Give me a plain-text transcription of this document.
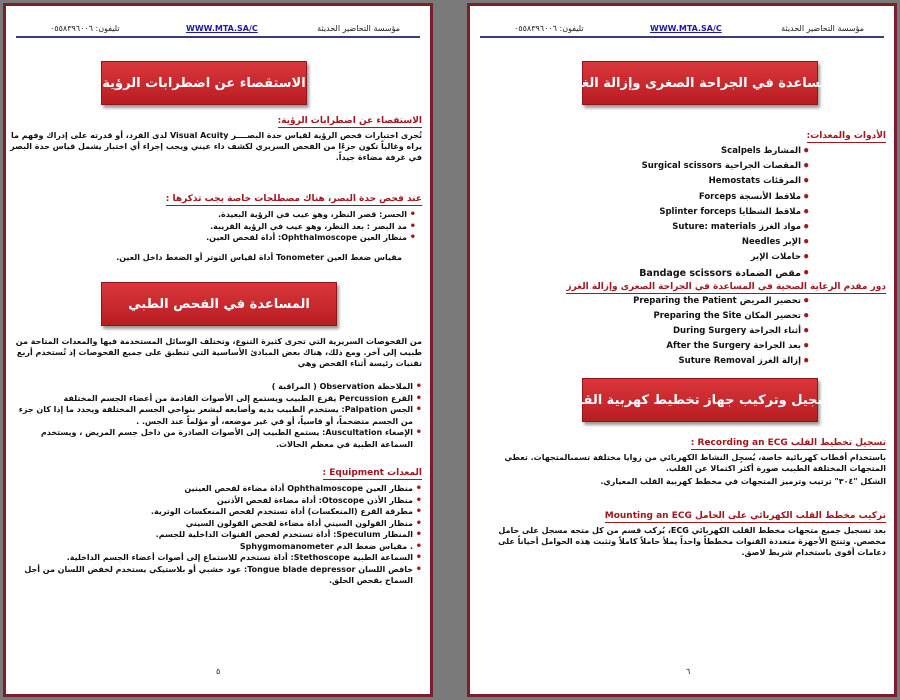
تليفون: ٠٥٥٨٣٩٦٠٠٦	WWW.MTA.SA/C	مؤسسة التحاضير الحديثة
الاستقصاء عن اضطرابات الرؤية
الاستقصاء عن اضطرابات الرؤية:
تُجرى اختبارات فحص الرؤية لقياس حدة البصــــر Visual Acuity لدى الفرد، أو قدرته على إدراك وفهم ما يراه وغالباً تكون جزءًا من الفحص السريري لكشف داء عيني ويجب إجراء أي اختبار يشمل قياس حدة البصر في غرفة مضاءة جيداً.
عند فحص حدة البصر، هناك مصطلحات خاصة يجب تذكرها :
• الحسر: قصر النظر، وهو عيب في الرؤية البعيدة.
• مد البصر : بعد النظر، وهو عيب في الرؤية القريبة.
• منظار العين Ophthalmoscope: أداة لفحص العين.
مقياس ضغط العين Tonometer أداة لقياس التوتر أو الضغط داخل العين.
المساعدة في الفحص الطبي
من الفحوصات السريرية التي تجرى كثيرة التنوع، وتختلف الوسائل المستخدمة فيها والمعدات المتاحة من طبيب إلى آخر. ومع ذلك، هناك بعض المبادئ الأساسية التي تنطبق على جميع الفحوصات إذ تُستخدم أربع تقنيات رئيسة أثناء الفحص وهي
• الملاحظة Observation ( المراقبة )
• القرع Percussion يقرع الطبيب ويستمع إلى الأصوات القادمة من أعضاء الجسم المختلفة
• الجس Palpation: يستخدم الطبيب يديه وأصابعه ليشعر بنواحي الجسم المختلفة ويحدد ما إذا كان جزء من الجسم متضخماً، أو قاسياً، أو في غير موضعه، أو مؤلماً عند الجس. .
• الإصغاء Auscultation: يستمع الطبيب إلى الأصوات الصادرة من داخل جسم المريض ، ويستخدم السماعة الطبية في معظم الحالات.
المعدات Equipment :
• منظار العين Ophthalmoscope أداة مضاءة لفحص العينين
• منظار الأذن Otoscope: أداة مضاءة لفحص الأذنين
• مطرقة القرع (المنعكسات) أداة تستخدم لفحص المنعكسات الوترية.
• منظار القولون السيني أداة مضاءة لفحص القولون السيني
• المنظار Speculum: أداة تستخدم لفحص القنوات الداخلية للجسم.
• . مقياس ضغط الدم Sphygmomanometer
• السماعة الطبية Stethoscope: أداة تستخدم للاستماع إلى أصوات أعضاء الجسم الداخلية.
• خافض اللسان Tongue blade depressor: عود خشبي أو بلاستيكي يستخدم لخفض اللسان من أجل السماح بفحص الحلق.
٥
تليفون: ٠٥٥٨٣٩٦٠٠٦	WWW.MTA.SA/C	مؤسسة التحاضير الحديثة
المساعدة في الجراحة الصغرى وإزالة الغرز.
الأدوات والمعدات:
• المشارط Scalpels
• المقصات الجراحية Surgical scissors
• المرقئات Hemostats
• ملاقط الأنسجة Forceps
• ملاقط الشظايا Splinter forceps
• مواد الغرز Suture: materials
• الإبر Needles
• حاملات الإبر
• مقص الضمادة Bandage scissors
دور مقدم الرعاية الصحية في المساعدة في الجراحة الصغرى وإزالة الغرز
• تحضير المريض Preparing the Patient
• تحضير المكان Preparing the Site
• أثناء الجراحة During Surgery
• بعد الجراحة After the Surgery
• إزالة الغرز Suture Removal
تسجيل وتركيب جهاز تخطيط كهربية القلب
تسجيل تخطيط القلب Recording an ECG :
باستخدام أقطاب كهربائية خاصة، يُسجِل النشاط الكهربائي من زوايا مختلفة تسمىالمتجهات. تعطي المتجهات المختلفة الطبيب صورة أكثر اكتمالا عن القلب.
الشكل "٣٠٤" ترتيب وترميز المتجهات في مخطط كهربية القلب المعياري.
تركيب مخطط القلب الكهربائي على الحامل Mounting an ECG
بعد تسجيل جميع متجهات مخطط القلب الكهربائي ECG، يُركب قسم من كل متجه مسجل على حامل مخصص. وتنتج الأجهزة متعددة القنوات مخططاً واحداً يملأ حاملاً كاملاً وتثبت هذه الحوامل أحياناً على دعامات أقوى باستخدام شريط لاصق.
٦
